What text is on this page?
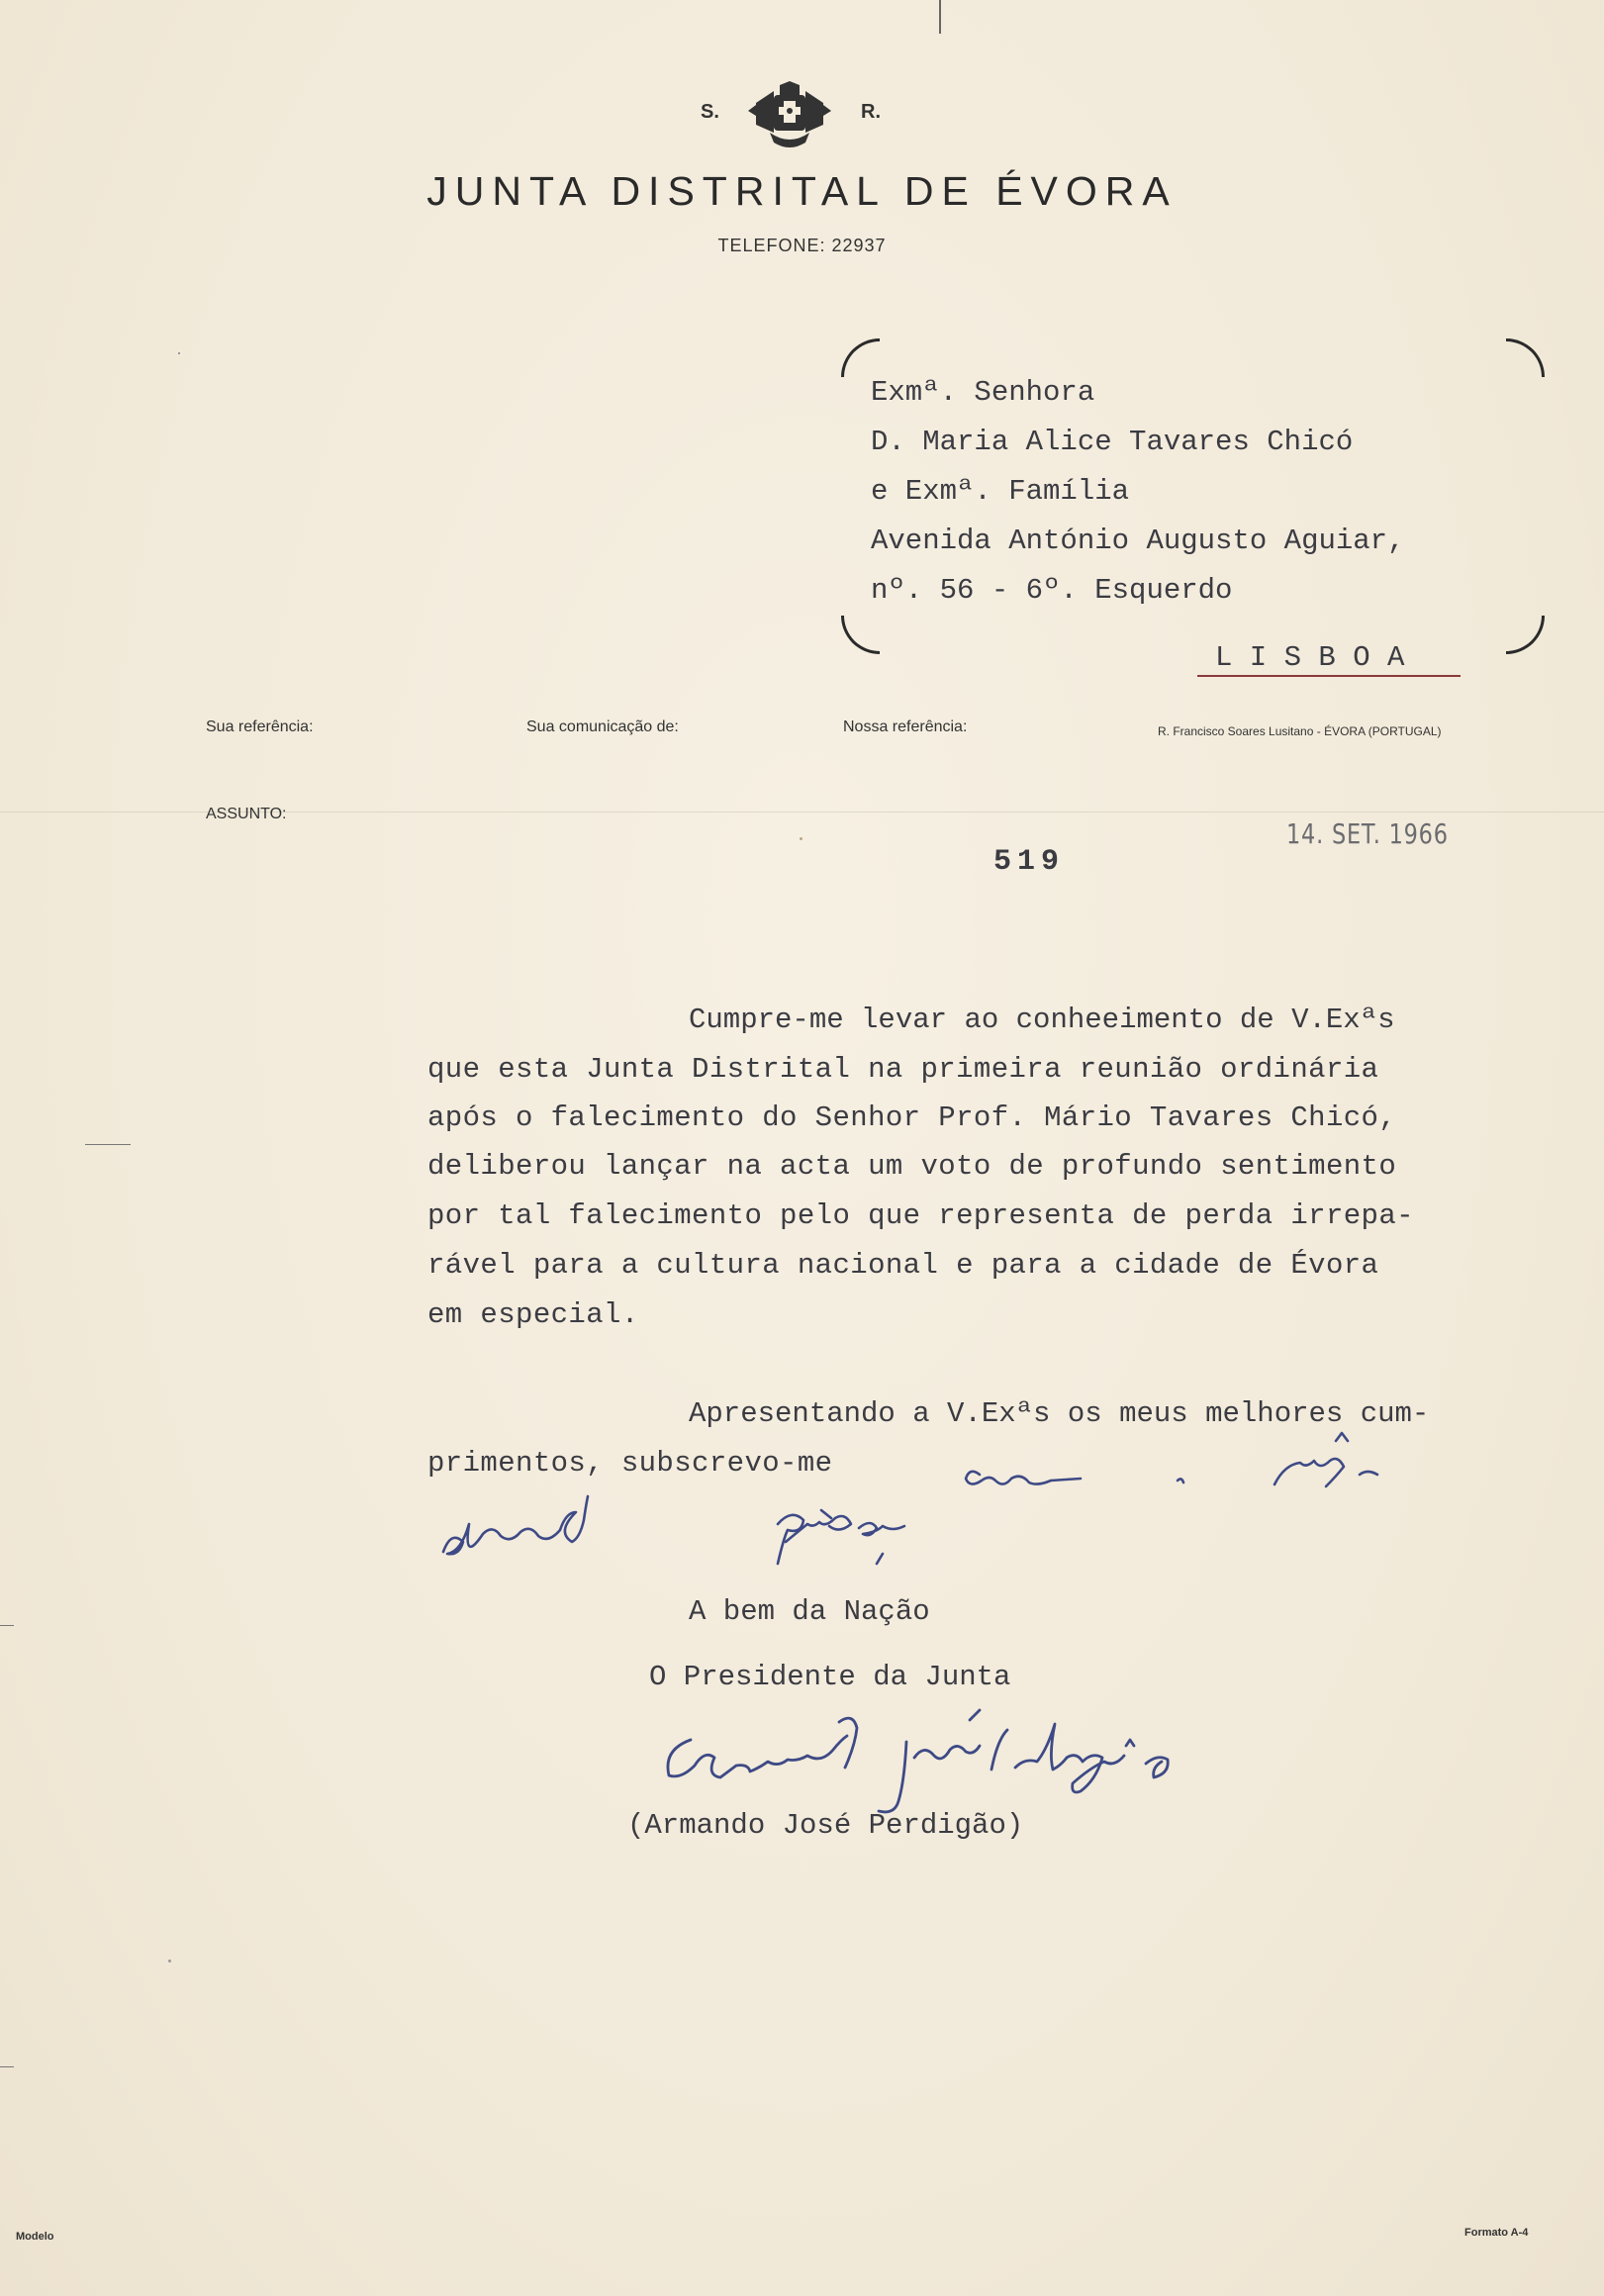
S.	R.
JUNTA DISTRITAL DE ÉVORA
TELEFONE: 22937
Exmª. Senhora
D. Maria Alice Tavares Chicó
e Exmª. Família
Avenida António Augusto Aguiar,
nº. 56 - 6º. Esquerdo
L I S B O A
Sua referência:	Sua comunicação de:	Nossa referência:	R. Francisco Soares Lusitano - ÉVORA (PORTUGAL)
ASSUNTO:
14. SET. 1966
519
Cumpre-me levar ao conheeimento de V.Exªs
que esta Junta Distrital na primeira reunião ordinária
após o falecimento do Senhor Prof. Mário Tavares Chicó,
deliberou lançar na acta um voto de profundo sentimento
por tal falecimento pelo que representa de perda irrepa-
rável para a cultura nacional e para a cidade de Évora
em especial.
Apresentando a V.Exªs os meus melhores cum-
primentos, subscrevo-me
A bem da Nação
O Presidente da Junta
(Armando José Perdigão)
Modelo	Formato A-4
